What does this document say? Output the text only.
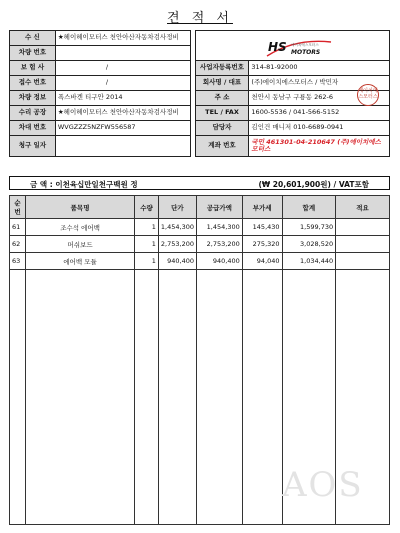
견 적 서
수 신	★헤이헤이모터스 천안아산자동차검사정비			
차량 번호				
보 험 사	/		사업자등록번호	314-81-92000
접수 번호	/		회사명 / 대표	(주)에이치에스모터스 / 박민자
차량 정보	폭스바겐 티구안 2014		주 소	천안시 동남구 구룡동 262-6
수리 공장	★헤이헤이모터스 천안아산자동차검사정비		TEL / FAX	1600-5536 / 041-566-5152
차대 번호	WVGZZZ5NZFW556587		담당자	김인건 매니저 010-6689-0941
청구 일자			계좌 번호	국민 461301-04-210647 (주)에이치에스모터스
HS 에이치에스모터스
MOTORS
에이치에스모터스
금 액 : 이천육십만일천구백원 정	(₩ 20,601,900원) / VAT포함
순번	품목명	수량	단가	공급가액	부가세	합계	적요
61	조수석 에어백	1	1,454,300	1,454,300	145,430	1,599,730	
62	머쉬보드	1	2,753,200	2,753,200	275,320	3,028,520	
63	에어백 모듈	1	940,400	940,400	94,040	1,034,440	

AOS
